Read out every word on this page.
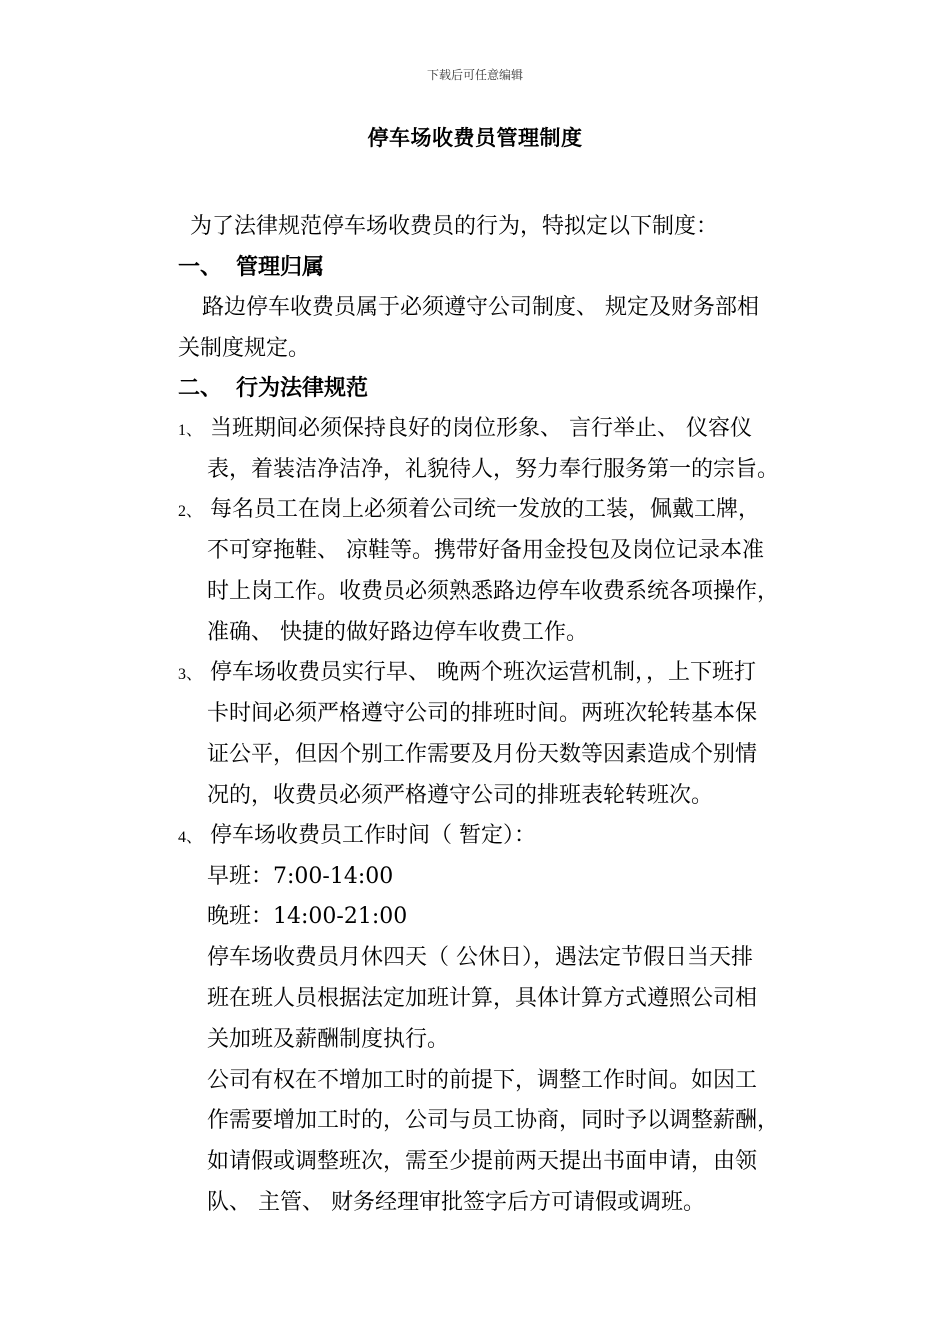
下载后可任意编辑
停车场收费员管理制度
为了法律规范停车场收费员的行为，特拟定以下制度：
一、 管理归属
路边停车收费员属于必须遵守公司制度、 规定及财务部相
关制度规定。
二、 行为法律规范
1、 当班期间必须保持良好的岗位形象、 言行举止、 仪容仪
表，着装洁净洁净，礼貌待人，努力奉行服务第一的宗旨。
2、 每名员工在岗上必须着公司统一发放的工装，佩戴工牌，
不可穿拖鞋、 凉鞋等。携带好备用金投包及岗位记录本准
时上岗工作。收费员必须熟悉路边停车收费系统各项操作，
准确、 快捷的做好路边停车收费工作。
3、 停车场收费员实行早、 晚两个班次运营机制，，上下班打
卡时间必须严格遵守公司的排班时间。两班次轮转基本保
证公平，但因个别工作需要及月份天数等因素造成个别情
况的，收费员必须严格遵守公司的排班表轮转班次。
4、 停车场收费员工作时间（ 暂定）：
早班：7:00-14:00
晚班：14:00-21:00
停车场收费员月休四天（ 公休日），遇法定节假日当天排
班在班人员根据法定加班计算，具体计算方式遵照公司相
关加班及薪酬制度执行。
公司有权在不增加工时的前提下，调整工作时间。如因工
作需要增加工时的，公司与员工协商，同时予以调整薪酬，
如请假或调整班次，需至少提前两天提出书面申请，由领
队、 主管、 财务经理审批签字后方可请假或调班。
